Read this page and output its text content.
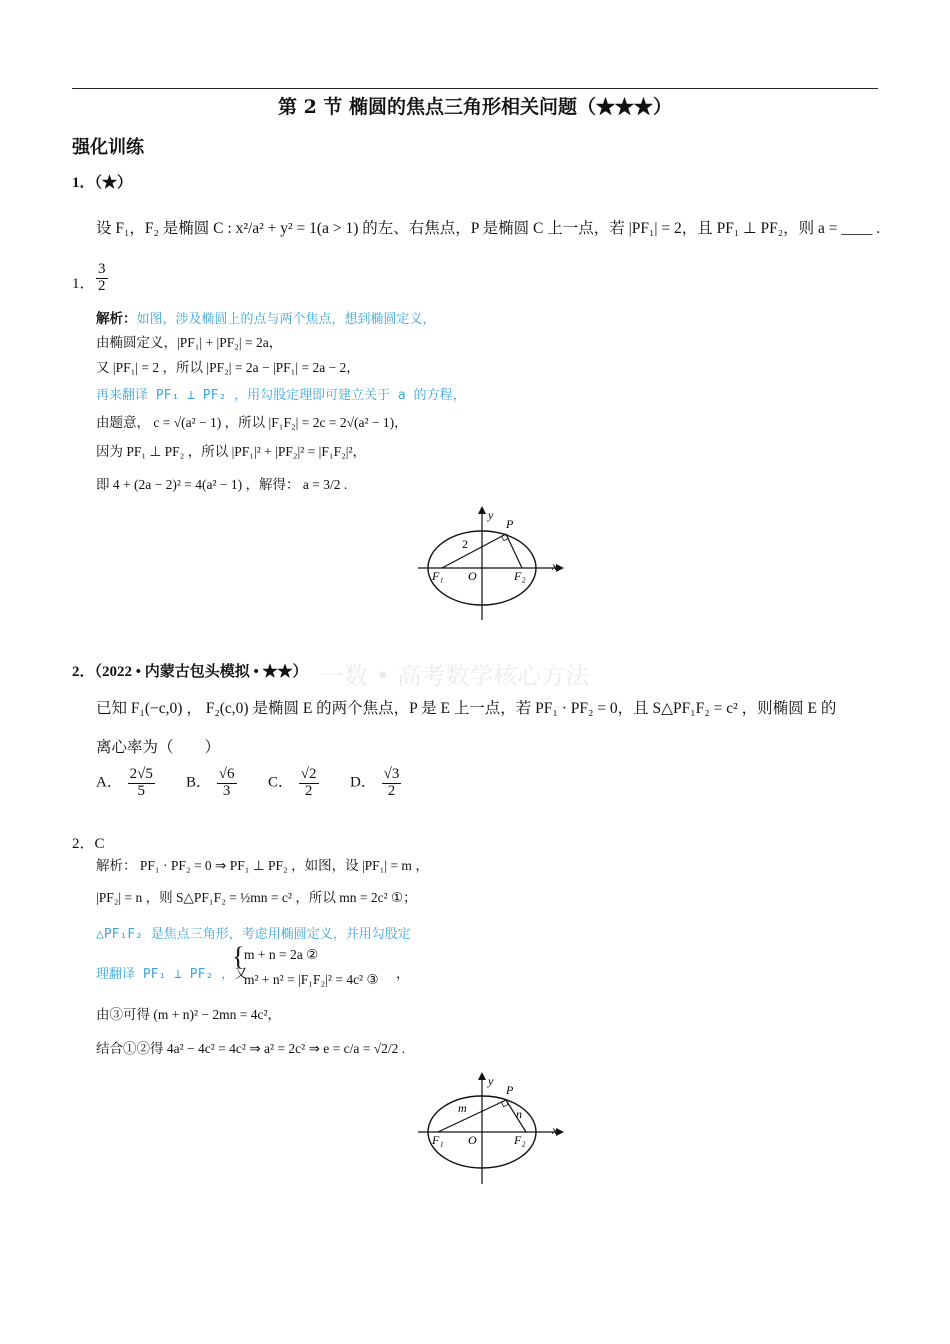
第 2 节 椭圆的焦点三角形相关问题（★★★）
强化训练
1．（★）
设 F₁，F₂ 是椭圆 C : x²/a² + y² = 1(a > 1) 的左、右焦点，P 是椭圆 C 上一点，若 |PF₁| = 2，且 PF₁ ⊥ PF₂，则 a = ____ .
1． $\frac{3}{2}$
解析：如图，涉及椭圆上的点与两个焦点，想到椭圆定义，
由椭圆定义，|PF₁| + |PF₂| = 2a，
又 |PF₁| = 2 ，所以 |PF₂| = 2a − |PF₁| = 2a − 2，
再来翻译 PF₁ ⊥ PF₂ ，用勾股定理即可建立关于 a 的方程，
由题意， c = √(a² − 1) ，所以 |F₁F₂| = 2c = 2√(a² − 1)，
因为 PF₁ ⊥ PF₂ ，所以 |PF₁|² + |PF₂|² = |F₁F₂|²，
即 4 + (2a − 2)² = 4(a² − 1) ，解得： a = 3/2 .
P
y
x
O
F₁	F₂
2
一数 • 高考数学核心方法
2．（2022 • 内蒙古包头模拟 • ★★）
已知 F₁(−c,0) ， F₂(c,0) 是椭圆 E 的两个焦点，P 是 E 上一点，若 PF₁ · PF₂ = 0，且 S△PF₁F₂ = c² ，则椭圆 E 的
离心率为（　　）
A． $\frac{2√5}{5}$ B． $\frac{√6}{3}$ C． $\frac{√2}{2}$ D． $\frac{√3}{2}$
2．C
解析： PF₁ · PF₂ = 0 ⇒ PF₁ ⊥ PF₂ ，如图，设 |PF₁| = m ，
|PF₂| = n ，则 S△PF₁F₂ = ½mn = c² ，所以 mn = 2c² ①；
△PF₁F₂ 是焦点三角形，考虑用椭圆定义，并用勾股定
理翻译 PF₁ ⊥ PF₂ ，又
{ m + n = 2a ②
m² + n² = |F₁F₂|² = 4c² ③ ，
由③可得 (m + n)² − 2mn = 4c²，
结合①②得 4a² − 4c² = 4c² ⇒ a² = 2c² ⇒ e = c/a = √2/2 .
P
y
x
O
F₁	F₂
m	n
